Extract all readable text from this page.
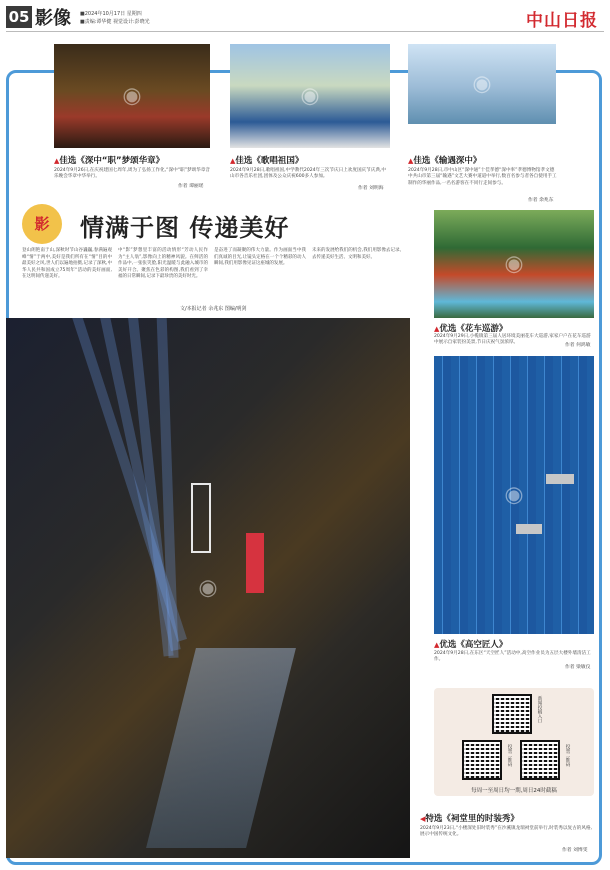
05 影像 ■2024年10月17日 星期四
■责编:谭华健 视觉设计:彭晓光	中山日报
◉	◉	◉
▲佳选《深中“职”梦颂华章》
2024年9月26日,在庆祝建国七周年,周为了弘扬工作化,“深中“职”梦颂华章音乐晚会华章中华举行。
作者 谭丽瑶
▲佳选《歌唱祖国》
2024年9月28日,歌唱祖国,中学教代2024年三次节庆日上欢度国庆节庆典,中山市各音乐社团,团体及公众庆祝600多人参加。
作者 刘明海
▲佳选《输遇深中》
2024年9月28日,市中山区“深中通”十佳孝德“深中率”孝德博物馆孝文德中共山市第三届“输遇”文艺大赛中道道中举行,数百名参与者各自使用手工制作的华丽作品,一名名游客在不同行走间参与。
作者 余兆东
影	情满于图 传递美好
登山朗艳南于山,深秋时节山谷巍巍,春满遍观峰“情”于两中,美好是我们所有在“情”目的中最美好之风,世人们以遍地拍摄,记录了深秋,中华人民共和国成立75周年“活动的美好画面,在这明间传递美好。
中“影”梦想里丰富的活动情形“芳动人民作为“主人翁”,影像向上的精神风貌。在鲜活的作品中,一张张笑脸,阳光温暖与此融入城市的美好开合。聚焦在色彩的构图,我们看到了幸福的日常瞬间,记录下最珍贵的美好时光。
是奋进了而凝聚的伟大力量。作为画面当中我们真诚的目光,让镜头定格在一个个精彩的动人瞬间,我们用影像见证这座城的发展。
未来的发展给我们的机会,我们用影像去记录、去传递美好生活、文明和美好。
文/本报记者 余兆东 图编/明剑
◉
◉
▲优选《花车巡游》
2024年9月29日,小榄镇第三届人居环境美丽花车大巡游,家家户户在花车巡游中展示自家装扮美景,节日庆祝气氛浓厚。
作者 何鸿敏
◉
▲优选《高空匠人》
2024年9月28日,在东区“天空匠人”活动中,高空作业员为五层大楼外墙清洁工作。
作者 梁敏仪
新闻投稿入口
投票二维码	投票二维码
每周一至周日均一期,周日24时截稿
◀特选《祠堂里的时装秀》
2024年9月23日,“小楼深处旧时装秀”在沙溪镇龙瑞祠堂前举行,时装秀以复古的风格,展示中国传统文化。
作者 刘博雯
